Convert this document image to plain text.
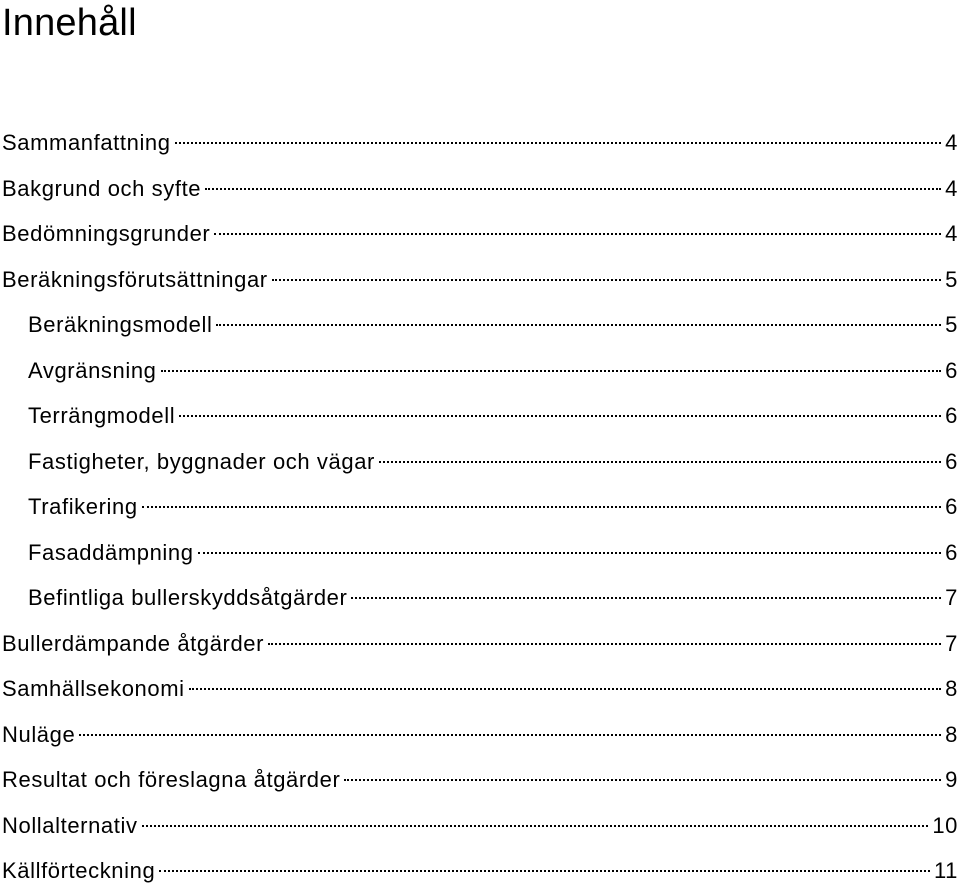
Innehåll
Sammanfattning	4
Bakgrund och syfte	4
Bedömningsgrunder	4
Beräkningsförutsättningar	5
Beräkningsmodell	5
Avgränsning	6
Terrängmodell	6
Fastigheter, byggnader och vägar	6
Trafikering	6
Fasaddämpning	6
Befintliga bullerskyddsåtgärder	7
Bullerdämpande åtgärder	7
Samhällsekonomi	8
Nuläge	8
Resultat och föreslagna åtgärder	9
Nollalternativ	10
Källförteckning	11
